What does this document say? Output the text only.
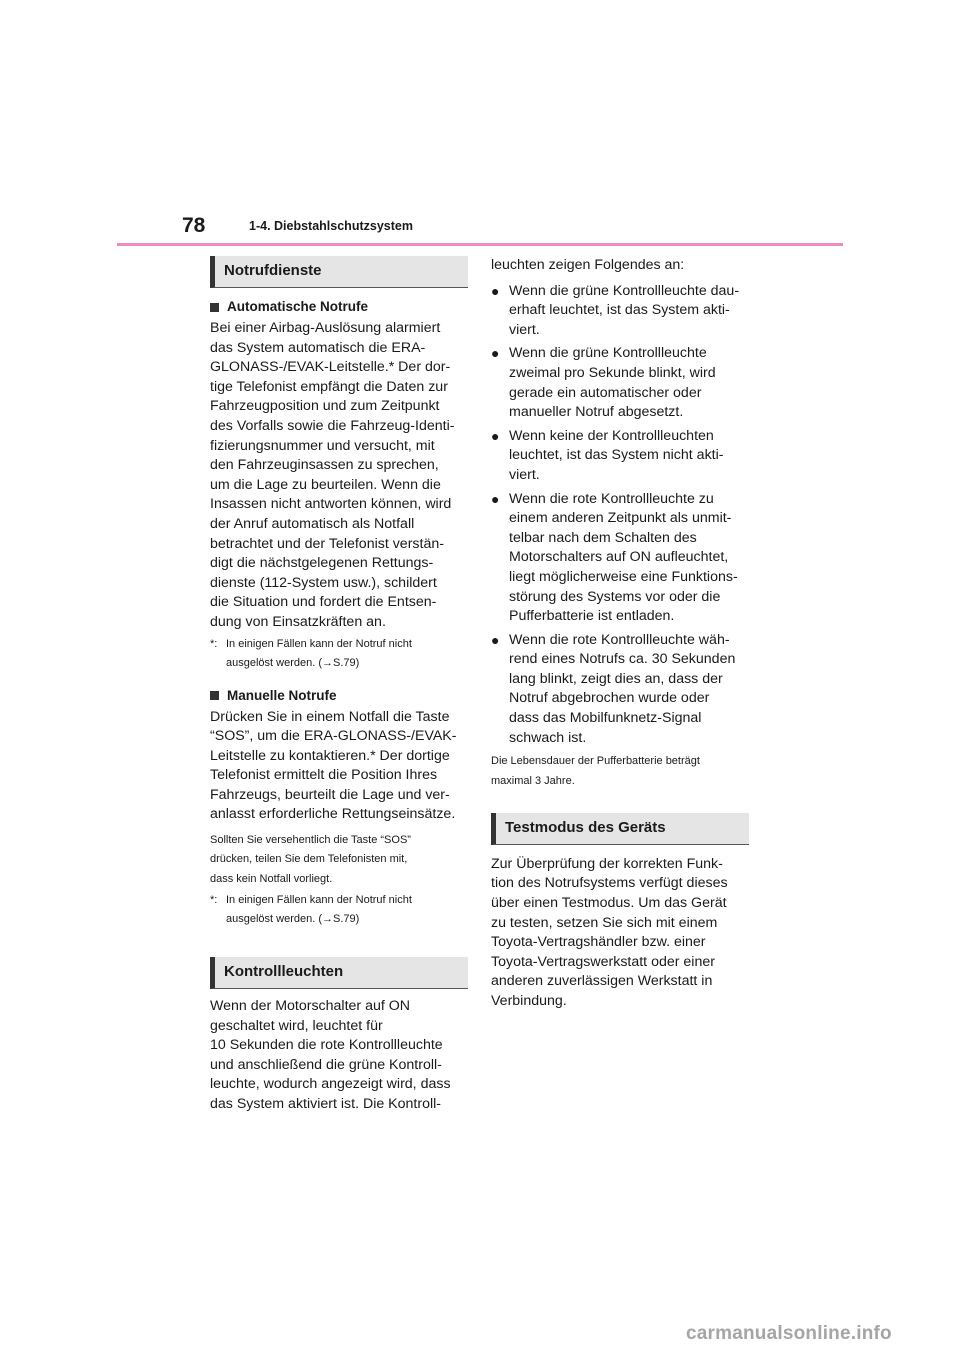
78	1-4. Diebstahlschutzsystem
Notrufdienste
Automatische Notrufe
Bei einer Airbag-Auslösung alarmiert
das System automatisch die ERA-
GLONASS-/EVAK-Leitstelle.* Der dor-
tige Telefonist empfängt die Daten zur
Fahrzeugposition und zum Zeitpunkt
des Vorfalls sowie die Fahrzeug-Identi-
fizierungsnummer und versucht, mit
den Fahrzeuginsassen zu sprechen,
um die Lage zu beurteilen. Wenn die
Insassen nicht antworten können, wird
der Anruf automatisch als Notfall
betrachtet und der Telefonist verstän-
digt die nächstgelegenen Rettungs-
dienste (112-System usw.), schildert
die Situation und fordert die Entsen-
dung von Einsatzkräften an.
*: In einigen Fällen kann der Notruf nicht
ausgelöst werden. (→S.79)
Manuelle Notrufe
Drücken Sie in einem Notfall die Taste
“SOS”, um die ERA-GLONASS-/EVAK-
Leitstelle zu kontaktieren.* Der dortige
Telefonist ermittelt die Position Ihres
Fahrzeugs, beurteilt die Lage und ver-
anlasst erforderliche Rettungseinsätze.
Sollten Sie versehentlich die Taste “SOS”
drücken, teilen Sie dem Telefonisten mit,
dass kein Notfall vorliegt.
*: In einigen Fällen kann der Notruf nicht
ausgelöst werden. (→S.79)
Kontrollleuchten
Wenn der Motorschalter auf ON
geschaltet wird, leuchtet für
10 Sekunden die rote Kontrollleuchte
und anschließend die grüne Kontroll-
leuchte, wodurch angezeigt wird, dass
das System aktiviert ist. Die Kontroll-
leuchten zeigen Folgendes an:
● Wenn die grüne Kontrollleuchte dau-
erhaft leuchtet, ist das System akti-
viert.
● Wenn die grüne Kontrollleuchte
zweimal pro Sekunde blinkt, wird
gerade ein automatischer oder
manueller Notruf abgesetzt.
● Wenn keine der Kontrollleuchten
leuchtet, ist das System nicht akti-
viert.
● Wenn die rote Kontrollleuchte zu
einem anderen Zeitpunkt als unmit-
telbar nach dem Schalten des
Motorschalters auf ON aufleuchtet,
liegt möglicherweise eine Funktions-
störung des Systems vor oder die
Pufferbatterie ist entladen.
● Wenn die rote Kontrollleuchte wäh-
rend eines Notrufs ca. 30 Sekunden
lang blinkt, zeigt dies an, dass der
Notruf abgebrochen wurde oder
dass das Mobilfunknetz-Signal
schwach ist.
Die Lebensdauer der Pufferbatterie beträgt
maximal 3 Jahre.
Testmodus des Geräts
Zur Überprüfung der korrekten Funk-
tion des Notrufsystems verfügt dieses
über einen Testmodus. Um das Gerät
zu testen, setzen Sie sich mit einem
Toyota-Vertragshändler bzw. einer
Toyota-Vertragswerkstatt oder einer
anderen zuverlässigen Werkstatt in
Verbindung.
carmanualsonline.info
